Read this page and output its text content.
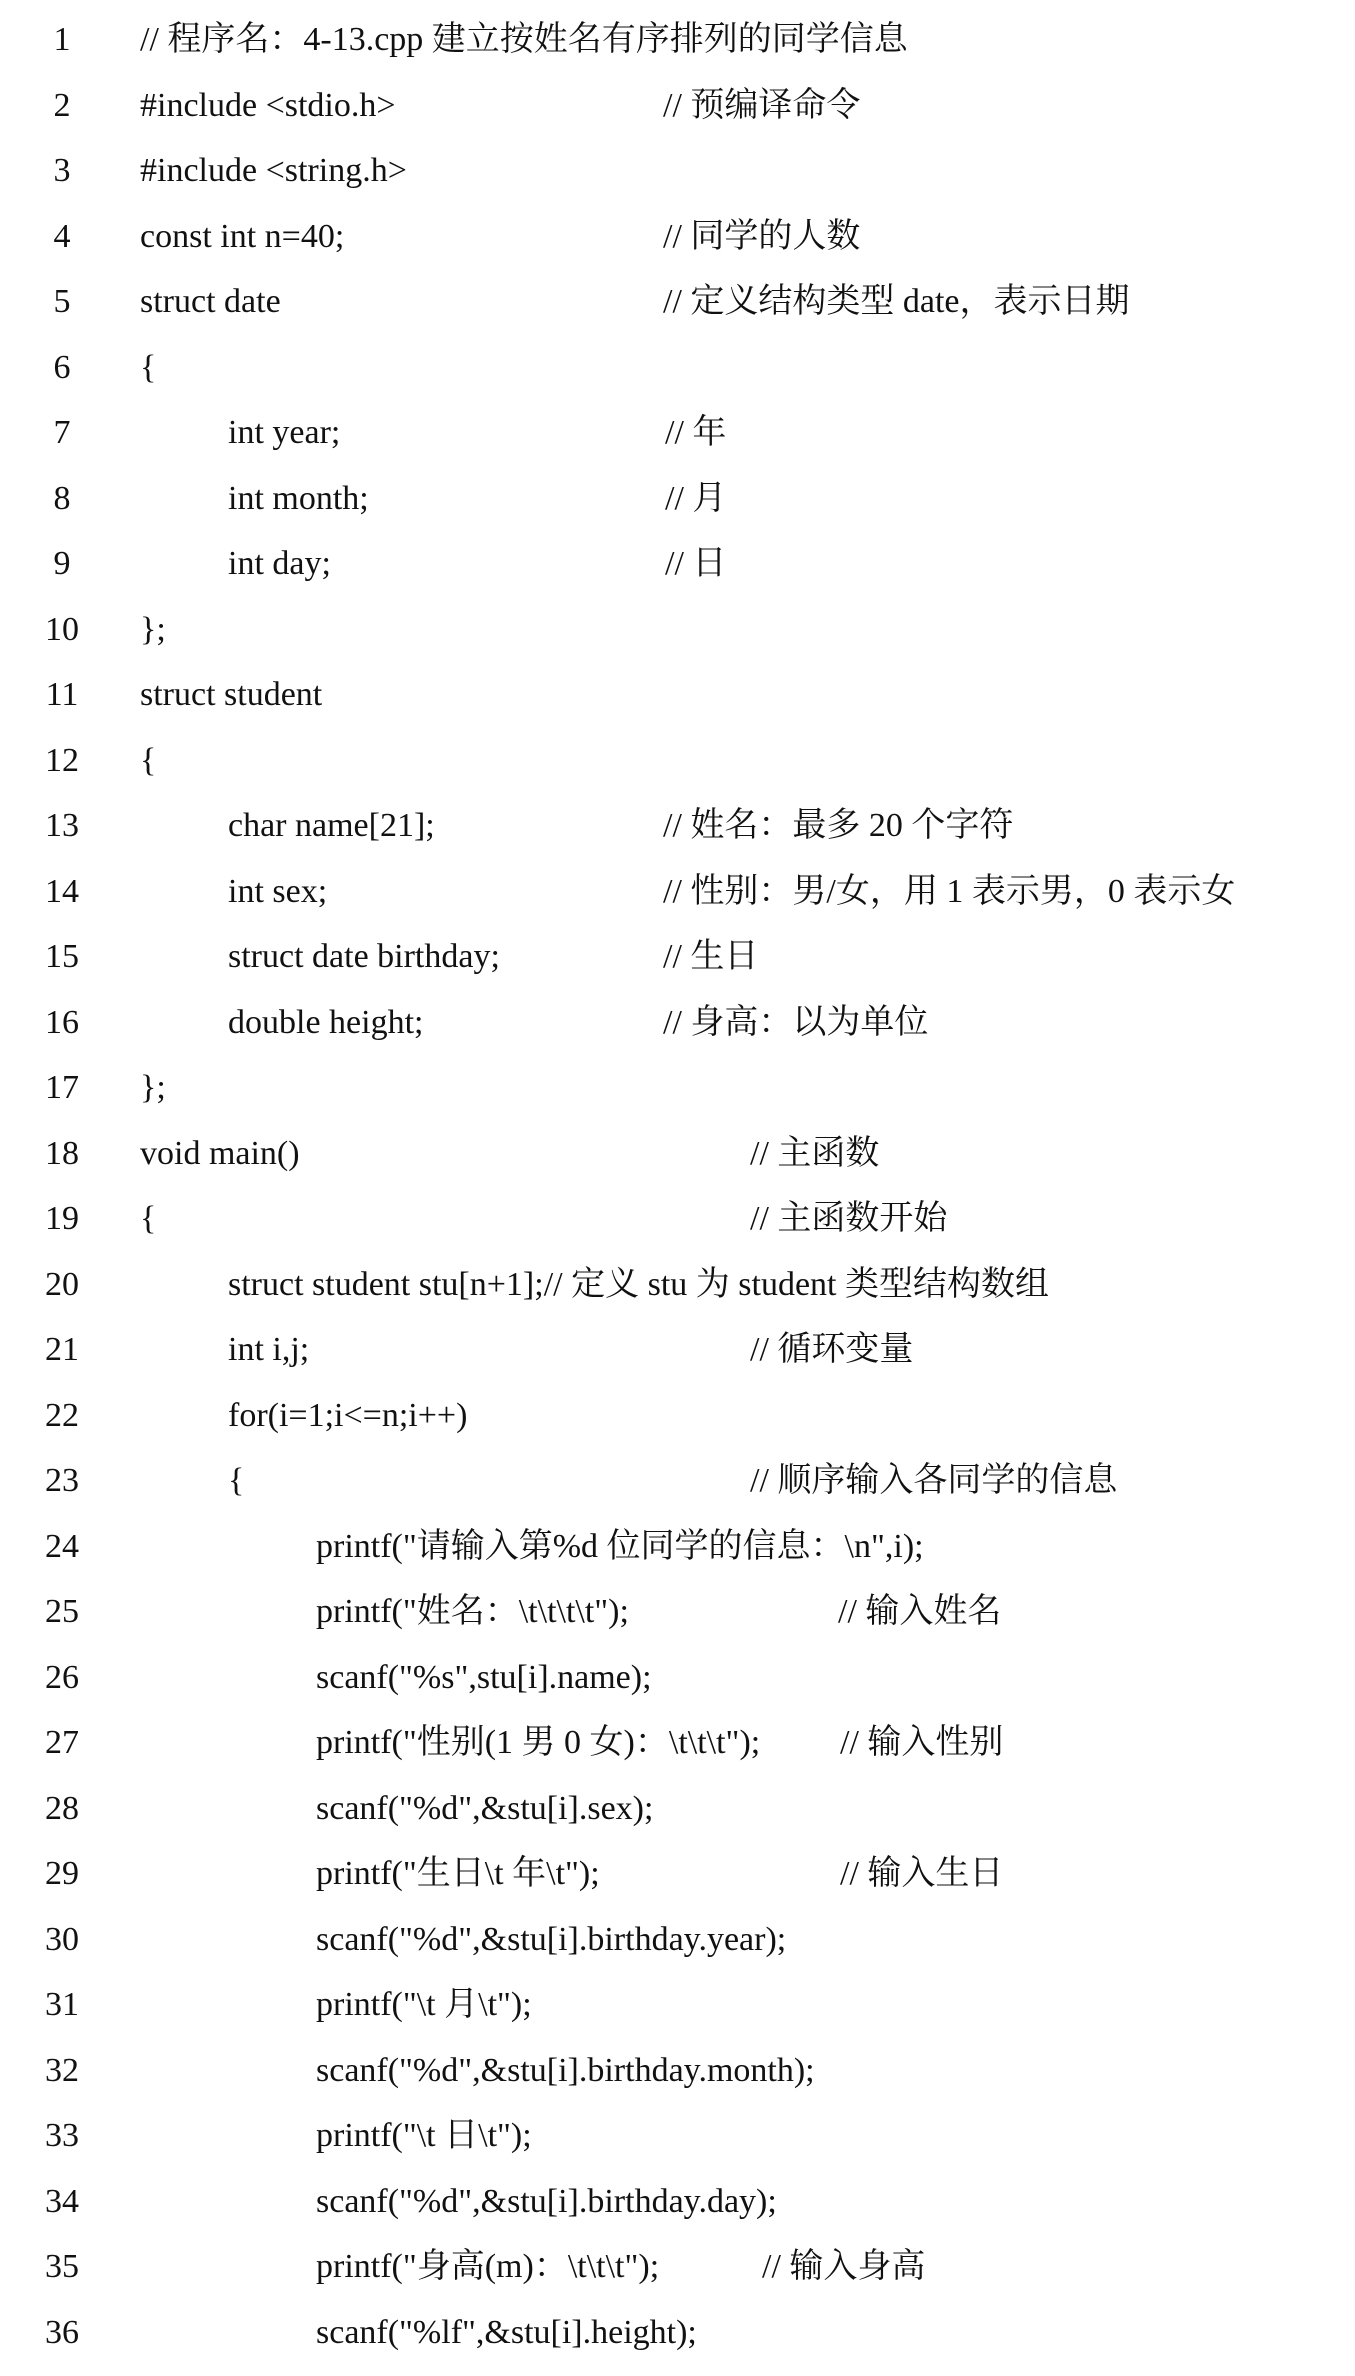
1	// 程序名：4-13.cpp 建立按姓名有序排列的同学信息
2	#include <stdio.h>	// 预编译命令
3	#include <string.h>
4	const int n=40;	// 同学的人数
5	struct date	// 定义结构类型 date，表示日期
6	{
7	int year;	// 年
8	int month;	// 月
9	int day;	// 日
10 };
11 struct student
12 {
13	char name[21];	// 姓名：最多 20 个字符
14	int sex;	// 性别：男/女，用 1 表示男，0 表示女
15	struct date birthday;	// 生日
16	double height;	// 身高：以为单位
17 };
18 void main()	// 主函数
19 {	// 主函数开始
20	struct student stu[n+1];// 定义 stu 为 student 类型结构数组
21	int i,j;	// 循环变量
22	for(i=1;i<=n;i++)
23	{	// 顺序输入各同学的信息
24	printf("请输入第%d 位同学的信息：\n",i);
25	printf("姓名：\t\t\t\t");	// 输入姓名
26	scanf("%s",stu[i].name);
27	printf("性别(1 男 0 女)：\t\t\t"); // 输入性别
28	scanf("%d",&stu[i].sex);
29	printf("生日\t 年\t");	// 输入生日
30	scanf("%d",&stu[i].birthday.year);
31	printf("\t 月\t");
32	scanf("%d",&stu[i].birthday.month);
33	printf("\t 日\t");
34	scanf("%d",&stu[i].birthday.day);
35	printf("身高(m)：\t\t\t");	// 输入身高
36	scanf("%lf",&stu[i].height);
